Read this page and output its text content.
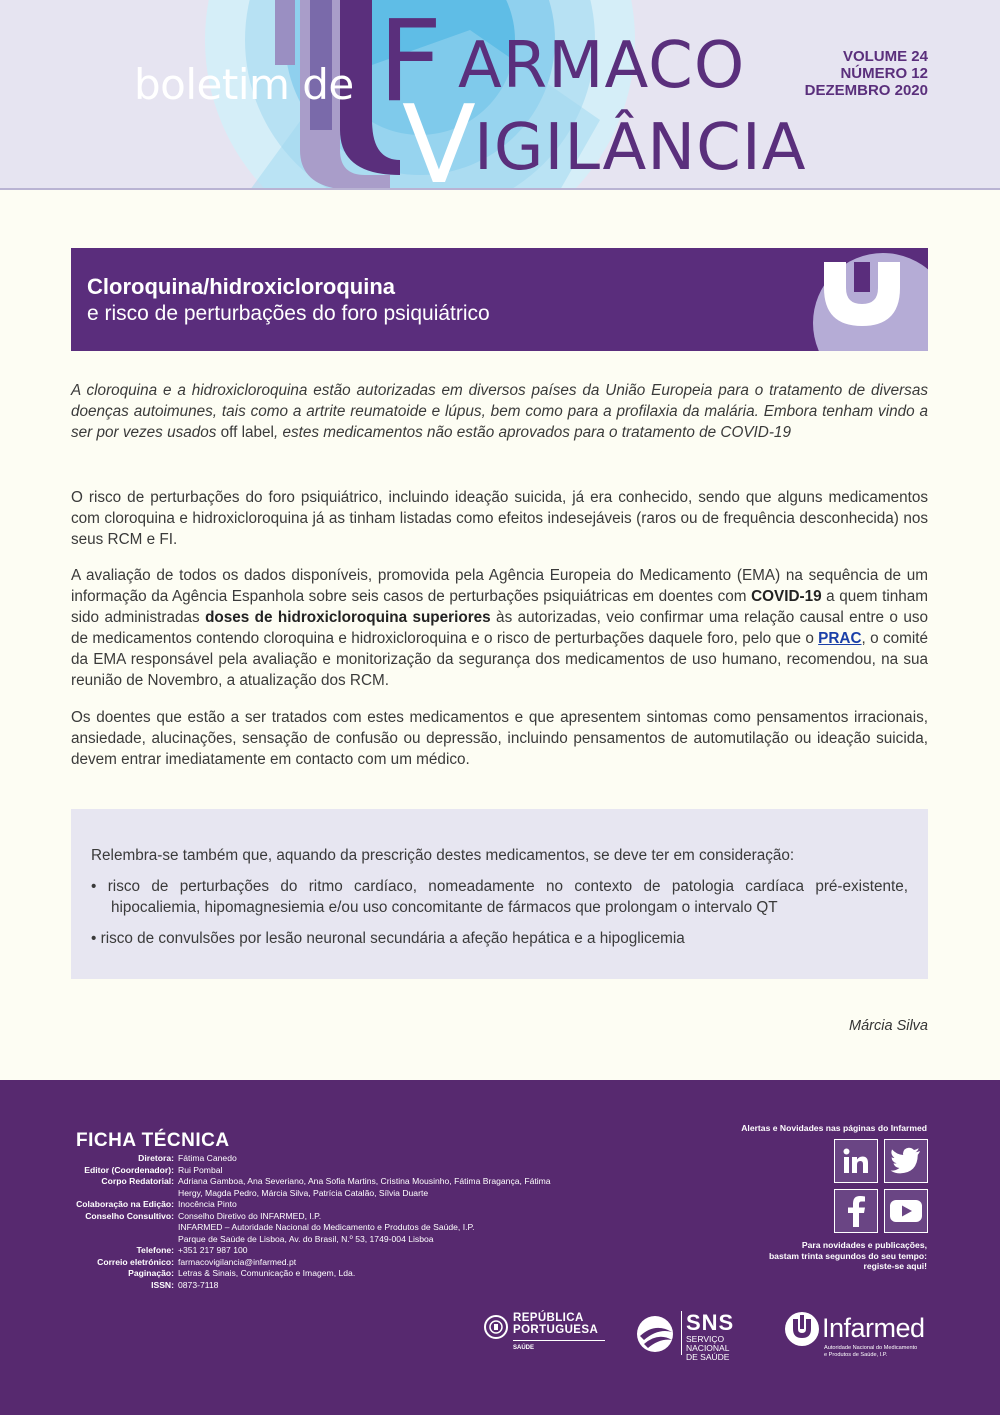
boletim de F ARMACO
V
IGILÂNCIA
VOLUME 24
NÚMERO 12
DEZEMBRO 2020
Cloroquina/hidroxicloroquina
e risco de perturbações do foro psiquiátrico

A cloroquina e a hidroxicloroquina estão autorizadas em diversos países da União Europeia para o tratamento de diversas doenças autoimunes, tais como a artrite reumatoide e lúpus, bem como para a profilaxia da malária. Embora tenham vindo a ser por vezes usados off label, estes medicamentos não estão aprovados para o tratamento de COVID-19

O risco de perturbações do foro psiquiátrico, incluindo ideação suicida, já era conhecido, sendo que alguns medicamentos com cloroquina e hidroxicloroquina já as tinham listadas como efeitos indesejáveis (raros ou de frequência desconhecida) nos seus RCM e FI.

A avaliação de todos os dados disponíveis, promovida pela Agência Europeia do Medicamento (EMA) na sequência de um informação da Agência Espanhola sobre seis casos de perturbações psiquiátricas em doentes com COVID-19 a quem tinham sido administradas doses de hidroxicloroquina superiores às autorizadas, veio confirmar uma relação causal entre o uso de medicamentos contendo cloroquina e hidroxicloroquina e o risco de perturbações daquele foro, pelo que o PRAC, o comité da EMA responsável pela avaliação e monitorização da segurança dos medicamentos de uso humano, recomendou, na sua reunião de Novembro, a atualização dos RCM.

Os doentes que estão a ser tratados com estes medicamentos e que apresentem sintomas como pensamentos irracionais, ansiedade, alucinações, sensação de confusão ou depressão, incluindo pensamentos de automutilação ou ideação suicida, devem entrar imediatamente em contacto com um médico.

Relembra-se também que, aquando da prescrição destes medicamentos, se deve ter em consideração:
• risco de perturbações do ritmo cardíaco, nomeadamente no contexto de patologia cardíaca pré-existente, hipocaliemia, hipomagnesiemia e/ou uso concomitante de fármacos que prolongam o intervalo QT
• risco de convulsões por lesão neuronal secundária a afeção hepática e a hipoglicemia
Márcia Silva
FICHA TÉCNICA
Diretora: Fátima Canedo
Editor (Coordenador): Rui Pombal
Corpo Redatorial: Adriana Gamboa, Ana Severiano, Ana Sofia Martins, Cristina Mousinho, Fátima Bragança, Fátima Hergy, Magda Pedro, Márcia Silva, Patrícia Catalão, Sílvia Duarte
Colaboração na Edição: Inocência Pinto
Conselho Consultivo: Conselho Diretivo do INFARMED, I.P.
INFARMED – Autoridade Nacional do Medicamento e Produtos de Saúde, I.P.
Parque de Saúde de Lisboa, Av. do Brasil, N.º 53, 1749-004 Lisboa
Telefone: +351 217 987 100
Correio eletrónico: farmacovigilancia@infarmed.pt
Paginação: Letras & Sinais, Comunicação e Imagem, Lda.
ISSN: 0873-7118
Alertas e Novidades nas páginas do Infarmed
Para novidades e publicações,
bastam trinta segundos do seu tempo:
registe-se aqui!
REPÚBLICA
PORTUGUESA
SAÚDE
SNS
SERVIÇO NACIONAL
DE SAÚDE
Infarmed
Autoridade Nacional do Medicamento
e Produtos de Saúde, I.P.
